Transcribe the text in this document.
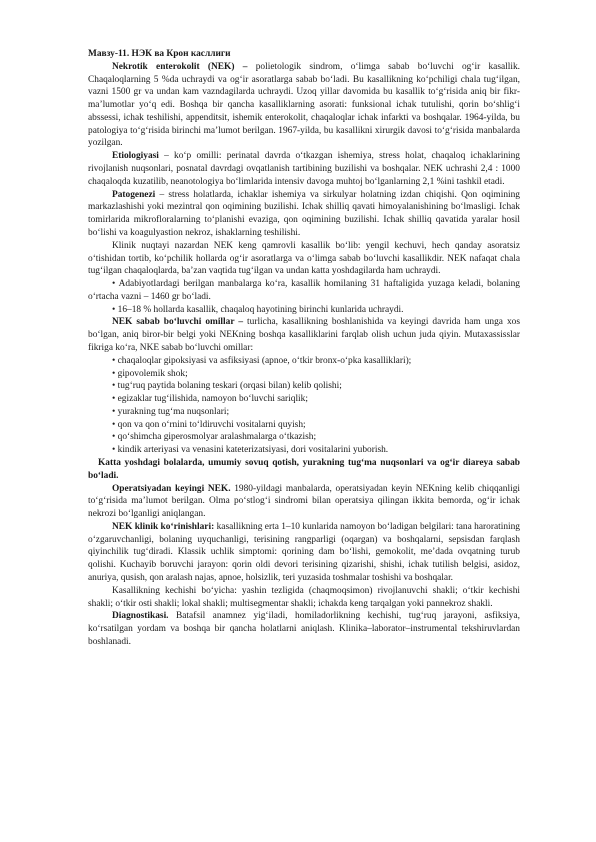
Мавзу-11. НЭК ва Крон касллиги

Nekrotik enterokolit (NEK) – polietologik sindrom, o‘limga sabab bo‘luvchi og‘ir kasallik. Chaqaloqlarning 5 %da uchraydi va og‘ir asoratlarga sabab bo‘ladi. Bu kasallikning ko‘pchiligi chala tug‘ilgan, vazni 1500 gr va undan kam vazndagilarda uchraydi. Uzoq yillar davomida bu kasallik to‘g‘risida aniq bir fikr-ma’lumotlar yo‘q edi. Boshqa bir qancha kasalliklarning asorati: funksional ichak tutulishi, qorin bo‘shlig‘i abssessi, ichak teshilishi, appenditsit, ishemik enterokolit, chaqaloqlar ichak infarkti va boshqalar. 1964-yilda, bu patologiya to‘g‘risida birinchi ma’lumot berilgan. 1967-yilda, bu kasallikni xirurgik davosi to‘g‘risida manbalarda yozilgan.

Etiologiyasi – ko‘p omilli: perinatal davrda o‘tkazgan ishemiya, stress holat, chaqaloq ichaklarining rivojlanish nuqsonlari, posnatal davrdagi ovqatlanish tartibining buzilishi va boshqalar. NEK uchrashi 2,4 : 1000 chaqaloqda kuzatilib, neanotologiya bo‘limlarida intensiv davoga muhtoj bo‘lganlarning 2,1 %ini tashkil etadi.

Patogenezi – stress holatlarda, ichaklar ishemiya va sirkulyar holatning izdan chiqishi. Qon oqimining markazlashishi yoki mezintral qon oqimining buzilishi. Ichak shilliq qavati himoyalanishining bo‘lmasligi. Ichak tomirlarida mikrofloralarning to‘planishi evaziga, qon oqimining buzilishi. Ichak shilliq qavatida yaralar hosil bo‘lishi va koagulyastion nekroz, ishaklarning teshilishi.

Klinik nuqtayi nazardan NEK keng qamrovli kasallik bo‘lib: yengil kechuvi, hech qanday asoratsiz o‘tishidan tortib, ko‘pchilik hollarda og‘ir asoratlarga va o‘limga sabab bo‘luvchi kasallikdir. NEK nafaqat chala tug‘ilgan chaqaloqlarda, ba’zan vaqtida tug‘ilgan va undan katta yoshdagilarda ham uchraydi.

• Adabiyotlardagi berilgan manbalarga ko‘ra, kasallik homilaning 31 haftaligida yuzaga keladi, bolaning o‘rtacha vazni – 1460 gr bo‘ladi.

• 16–18 % hollarda kasallik, chaqaloq hayotining birinchi kunlarida uchraydi.

NEK sabab bo‘luvchi omillar – turlicha, kasallikning boshlanishida va keyingi davrida ham unga xos bo‘lgan, aniq biror-bir belgi yoki NEKning boshqa kasalliklarini farqlab olish uchun juda qiyin. Mutaxassisslar fikriga ko‘ra, NKE sabab bo‘luvchi omillar:

• chaqaloqlar gipoksiyasi va asfiksiyasi (apnoe, o‘tkir bronx-o‘pka kasalliklari);

• gipovolemik shok;

• tug‘ruq paytida bolaning teskari (orqasi bilan) kelib qolishi;

• egizaklar tug‘ilishida, namoyon bo‘luvchi sariqlik;

• yurakning tug‘ma nuqsonlari;

• qon va qon o‘rnini to‘ldiruvchi vositalarni quyish;

• qo‘shimcha giperosmolyar aralashmalarga o‘tkazish;

• kindik arteriyasi va venasini kateterizatsiyasi, dori vositalarini yuborish.

Katta yoshdagi bolalarda, umumiy sovuq qotish, yurakning tug‘ma nuqsonlari va og‘ir diareya sabab bo‘ladi.

Operatsiyadan keyingi NEK. 1980-yildagi manbalarda, operatsiyadan keyin NEKning kelib chiqqanligi to‘g‘risida ma’lumot berilgan. Olma po‘stlog‘i sindromi bilan operatsiya qilingan ikkita bemorda, og‘ir ichak nekrozi bo‘lganligi aniqlangan.

NEK klinik ko‘rinishlari: kasallikning erta 1–10 kunlarida namoyon bo‘ladigan belgilari: tana haroratining o‘zgaruvchanligi, bolaning uyquchanligi, terisining rangparligi (oqargan) va boshqalarni, sepsisdan farqlash qiyinchilik tug‘diradi. Klassik uchlik simptomi: qorining dam bo‘lishi, gemokolit, me’dada ovqatning turub qolishi. Kuchayib boruvchi jarayon: qorin oldi devori terisining qizarishi, shishi, ichak tutilish belgisi, asidoz, anuriya, qusish, qon aralash najas, apnoe, holsizlik, teri yuzasida toshmalar toshishi va boshqalar.

Kasallikning kechishi bo‘yicha: yashin tezligida (chaqmoqsimon) rivojlanuvchi shakli; o‘tkir kechishi shakli; o‘tkir osti shakli; lokal shakli; multisegmentar shakli; ichakda keng tarqalgan yoki pannekroz shakli.

Diagnostikasi. Batafsil anamnez yig‘iladi, homiladorlikning kechishi, tug‘ruq jarayoni, asfiksiya, ko‘rsatilgan yordam va boshqa bir qancha holatlarni aniqlash. Klinika–laborator–instrumental tekshiruvlardan boshlanadi.
